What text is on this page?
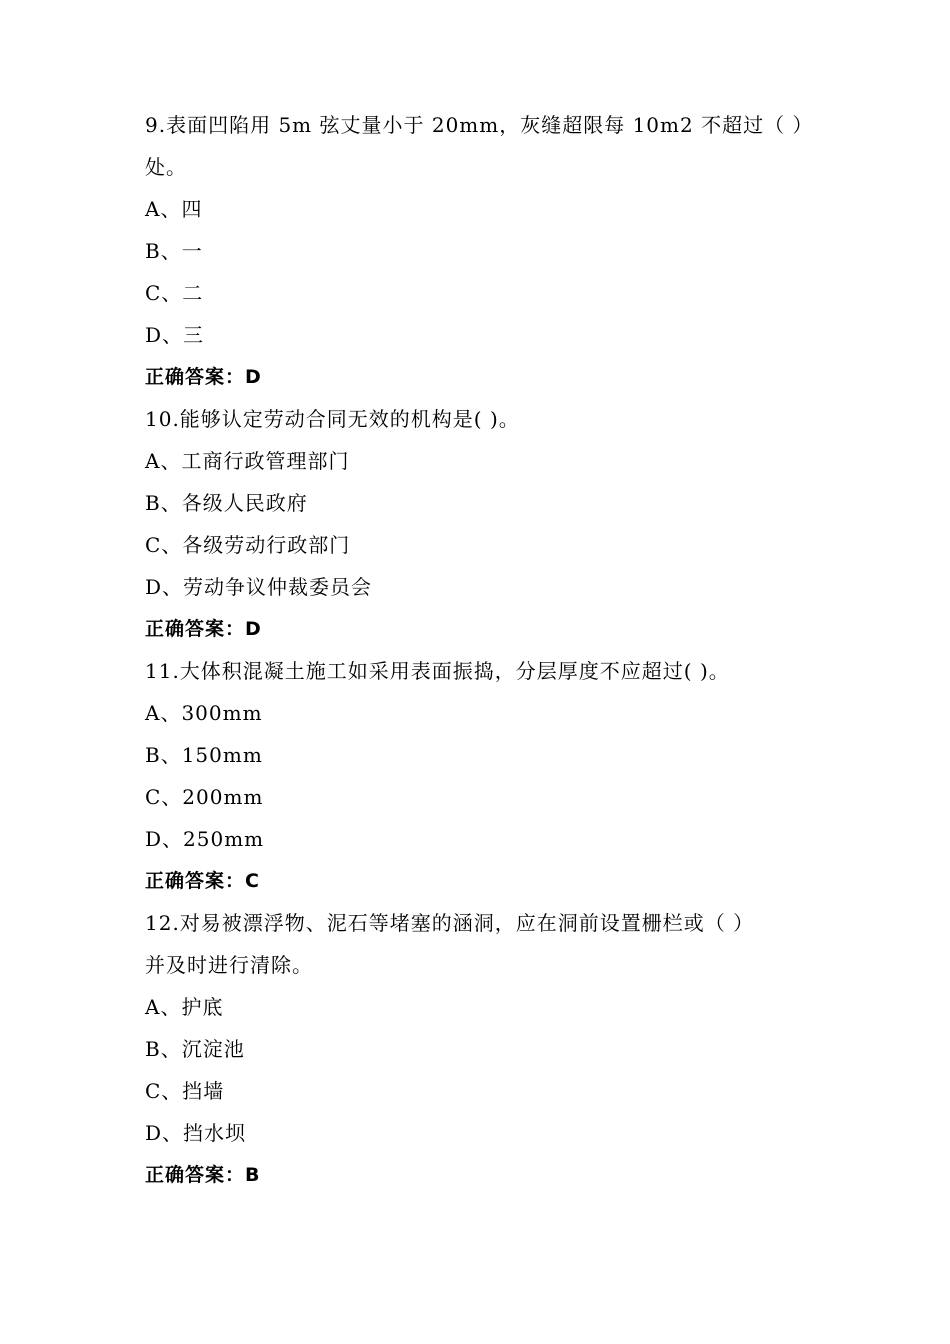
9.表面凹陷用 5m 弦丈量小于 20mm，灰缝超限每 10m2 不超过（ ）
处。
A、四
B、一
C、二
D、三
正确答案：D
10.能够认定劳动合同无效的机构是( )。
A、工商行政管理部门
B、各级人民政府
C、各级劳动行政部门
D、劳动争议仲裁委员会
正确答案：D
11.大体积混凝土施工如采用表面振捣，分层厚度不应超过( )。
A、300mm
B、150mm
C、200mm
D、250mm
正确答案：C
12.对易被漂浮物、泥石等堵塞的涵洞，应在洞前设置栅栏或（ ）
并及时进行清除。
A、护底
B、沉淀池
C、挡墙
D、挡水坝
正确答案：B
